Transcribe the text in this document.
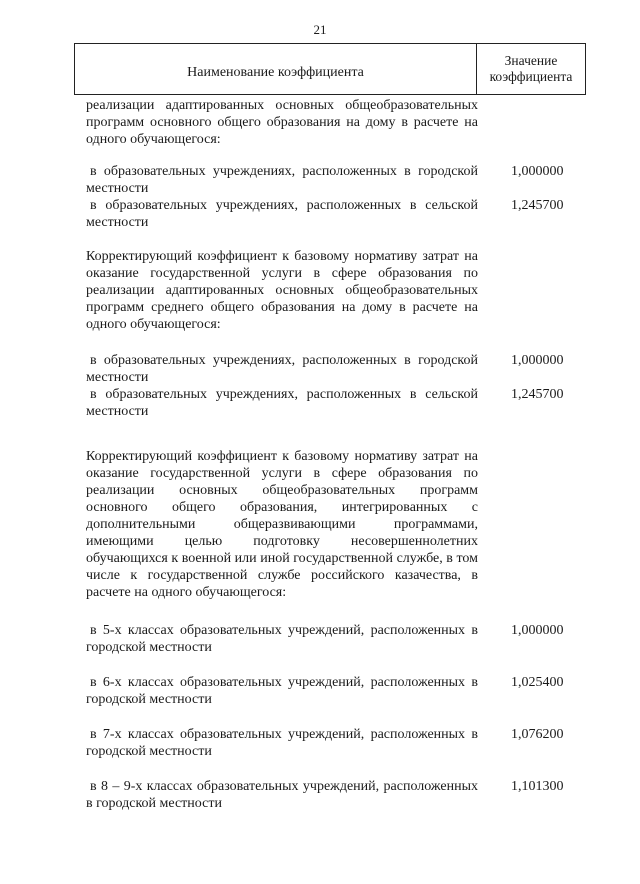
21
Наименование коэффициента
Значение
коэффициента
реализации адаптированных основных общеобразовательных программ основного общего образования на дому в расчете на одного обучающегося:
в образовательных учреждениях, расположенных в городской местности
1,000000
в образовательных учреждениях, расположенных в сельской местности
1,245700
Корректирующий коэффициент к базовому нормативу затрат на оказание государственной услуги в сфере образования по реализации адаптированных основных общеобразовательных программ среднего общего образования на дому в расчете на одного обучающегося:
в образовательных учреждениях, расположенных в городской местности
1,000000
в образовательных учреждениях, расположенных в сельской местности
1,245700
Корректирующий коэффициент к базовому нормативу затрат на оказание государственной услуги в сфере образования по реализации основных общеобразовательных программ основного общего образования, интегрированных с дополнительными общеразвивающими программами, имеющими целью подготовку несовершеннолетних обучающихся к военной или иной государственной службе, в том числе к государственной службе российского казачества, в расчете на одного обучающегося:
в 5-х классах образовательных учреждений, расположенных в городской местности
1,000000
в 6-х классах образовательных учреждений, расположенных в городской местности
1,025400
в 7-х классах образовательных учреждений, расположенных в городской местности
1,076200
в 8 – 9-х классах образовательных учреждений, расположенных в городской местности
1,101300
